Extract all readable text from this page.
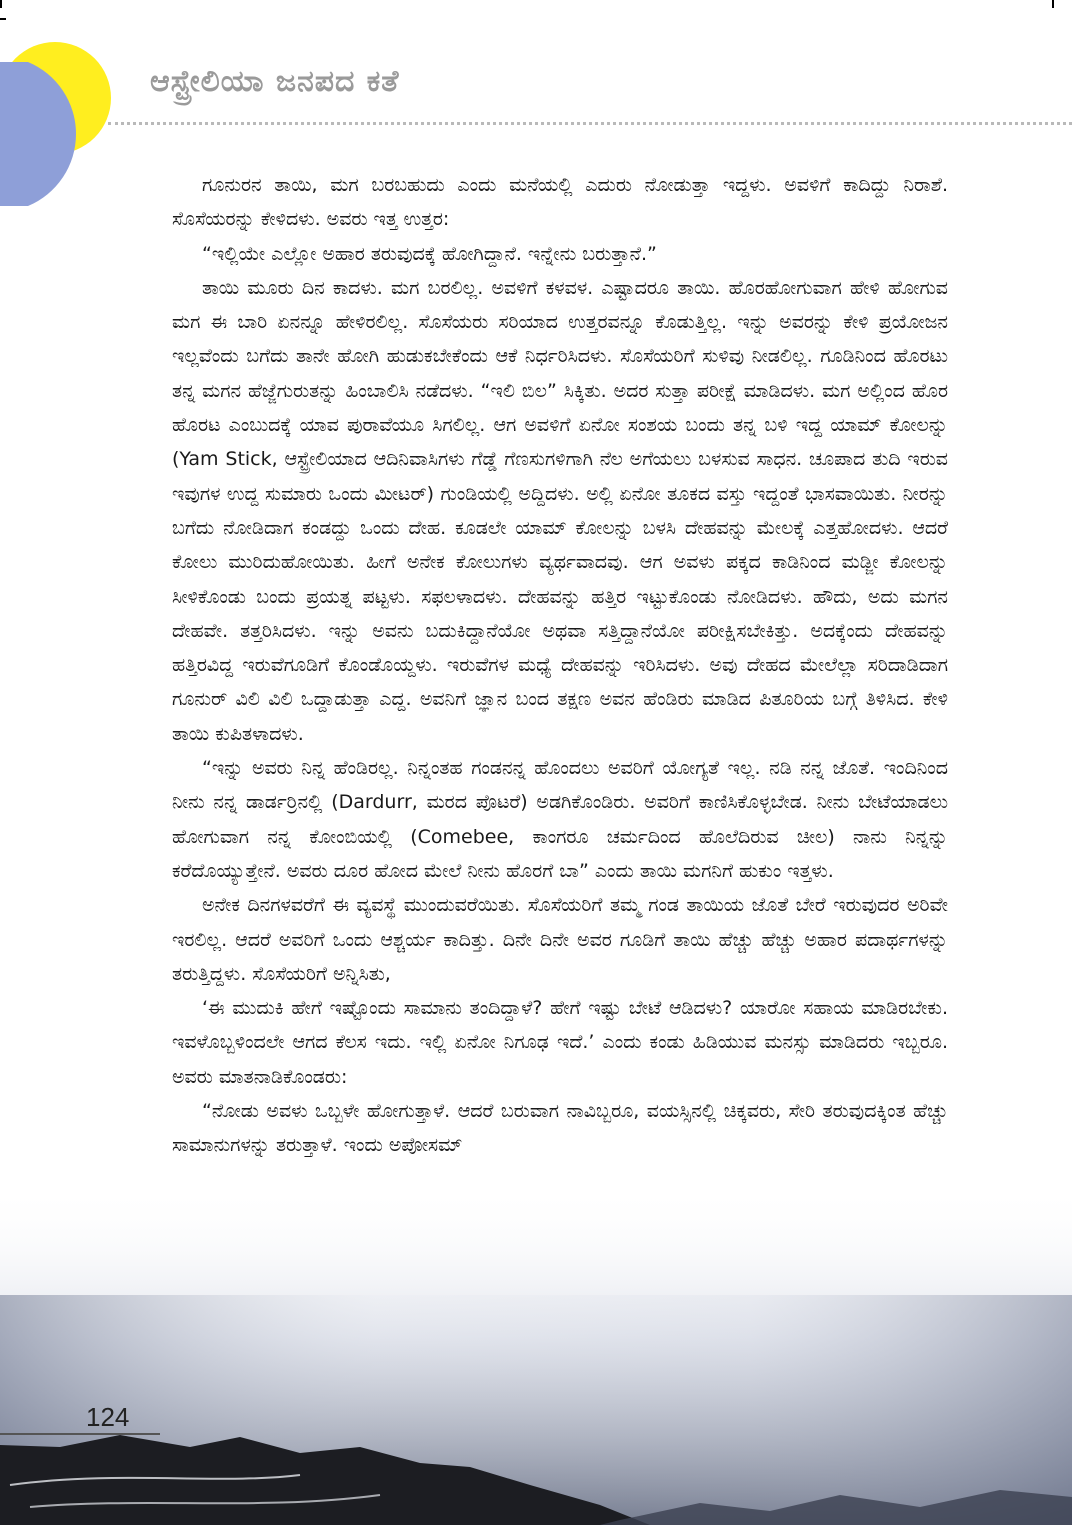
ಆಸ್ಟ್ರೇಲಿಯಾ ಜನಪದ ಕತೆ

ಗೂನುರನ ತಾಯಿ, ಮಗ ಬರಬಹುದು ಎಂದು ಮನೆಯಲ್ಲಿ ಎದುರು ನೋಡುತ್ತಾ ಇದ್ದಳು. ಅವಳಿಗೆ ಕಾದಿದ್ದು ನಿರಾಶೆ. ಸೊಸೆಯರನ್ನು ಕೇಳಿದಳು. ಅವರು ಇತ್ತ ಉತ್ತರ:

“ಇಲ್ಲಿಯೇ ಎಲ್ಲೋ ಅಹಾರ ತರುವುದಕ್ಕೆ ಹೋಗಿದ್ದಾನೆ. ಇನ್ನೇನು ಬರುತ್ತಾನೆ.”

ತಾಯಿ ಮೂರು ದಿನ ಕಾದಳು. ಮಗ ಬರಲಿಲ್ಲ. ಅವಳಿಗೆ ಕಳವಳ. ಎಷ್ಟಾದರೂ ತಾಯಿ. ಹೊರಹೋಗುವಾಗ ಹೇಳಿ ಹೋಗುವ ಮಗ ಈ ಬಾರಿ ಏನನ್ನೂ ಹೇಳಿರಲಿಲ್ಲ. ಸೊಸೆಯರು ಸರಿಯಾದ ಉತ್ತರವನ್ನೂ ಕೊಡುತ್ತಿಲ್ಲ. ಇನ್ನು ಅವರನ್ನು ಕೇಳಿ ಪ್ರಯೋಜನ ಇಲ್ಲವೆಂದು ಬಗೆದು ತಾನೇ ಹೋಗಿ ಹುಡುಕಬೇಕೆಂದು ಆಕೆ ನಿರ್ಧರಿಸಿದಳು. ಸೊಸೆಯರಿಗೆ ಸುಳಿವು ನೀಡಲಿಲ್ಲ. ಗೂಡಿನಿಂದ ಹೊರಟು ತನ್ನ ಮಗನ ಹೆಜ್ಜೆಗುರುತನ್ನು ಹಿಂಬಾಲಿಸಿ ನಡೆದಳು. “ಇಲಿ ಬಿಲ” ಸಿಕ್ಕಿತು. ಅದರ ಸುತ್ತಾ ಪರೀಕ್ಷೆ ಮಾಡಿದಳು. ಮಗ ಅಲ್ಲಿಂದ ಹೊರ ಹೊರಟ ಎಂಬುದಕ್ಕೆ ಯಾವ ಪುರಾವೆಯೂ ಸಿಗಲಿಲ್ಲ. ಆಗ ಅವಳಿಗೆ ಏನೋ ಸಂಶಯ ಬಂದು ತನ್ನ ಬಳಿ ಇದ್ದ ಯಾಮ್ ಕೋಲನ್ನು (Yam Stick, ಆಸ್ಟ್ರೇಲಿಯಾದ ಆದಿನಿವಾಸಿಗಳು ಗೆಡ್ಡೆ ಗೆಣಸುಗಳಿಗಾಗಿ ನೆಲ ಅಗೆಯಲು ಬಳಸುವ ಸಾಧನ. ಚೂಪಾದ ತುದಿ ಇರುವ ಇವುಗಳ ಉದ್ದ ಸುಮಾರು ಒಂದು ಮೀಟರ್) ಗುಂಡಿಯಲ್ಲಿ ಅದ್ದಿದಳು. ಅಲ್ಲಿ ಏನೋ ತೂಕದ ವಸ್ತು ಇದ್ದಂತೆ ಭಾಸವಾಯಿತು. ನೀರನ್ನು ಬಗೆದು ನೋಡಿದಾಗ ಕಂಡದ್ದು ಒಂದು ದೇಹ. ಕೂಡಲೇ ಯಾಮ್ ಕೋಲನ್ನು ಬಳಸಿ ದೇಹವನ್ನು ಮೇಲಕ್ಕೆ ಎತ್ತಹೋದಳು. ಆದರೆ ಕೋಲು ಮುರಿದುಹೋಯಿತು. ಹೀಗೆ ಅನೇಕ ಕೋಲುಗಳು ವ್ಯರ್ಥವಾದವು. ಆಗ ಅವಳು ಪಕ್ಕದ ಕಾಡಿನಿಂದ ಮಡ್ಜೀ ಕೋಲನ್ನು ಸೀಳಿಕೊಂಡು ಬಂದು ಪ್ರಯತ್ನ ಪಟ್ಟಳು. ಸಫಲಳಾದಳು. ದೇಹವನ್ನು ಹತ್ತಿರ ಇಟ್ಟುಕೊಂಡು ನೋಡಿದಳು. ಹೌದು, ಅದು ಮಗನ ದೇಹವೇ. ತತ್ತರಿಸಿದಳು. ಇನ್ನು ಅವನು ಬದುಕಿದ್ದಾನೆಯೋ ಅಥವಾ ಸತ್ತಿದ್ದಾನೆಯೋ ಪರೀಕ್ಷಿಸಬೇಕಿತ್ತು. ಅದಕ್ಕೆಂದು ದೇಹವನ್ನು ಹತ್ತಿರವಿದ್ದ ಇರುವೆಗೂಡಿಗೆ ಕೊಂಡೊಯ್ದಳು. ಇರುವೆಗಳ ಮಧ್ಯೆ ದೇಹವನ್ನು ಇರಿಸಿದಳು. ಅವು ದೇಹದ ಮೇಲೆಲ್ಲಾ ಸರಿದಾಡಿದಾಗ ಗೂನುರ್ ವಿಲಿ ವಿಲಿ ಒದ್ದಾಡುತ್ತಾ ಎದ್ದ. ಅವನಿಗೆ ಜ್ಞಾನ ಬಂದ ತಕ್ಷಣ ಅವನ ಹೆಂಡಿರು ಮಾಡಿದ ಪಿತೂರಿಯ ಬಗ್ಗೆ ತಿಳಿಸಿದ. ಕೇಳಿ ತಾಯಿ ಕುಪಿತಳಾದಳು.

“ಇನ್ನು ಅವರು ನಿನ್ನ ಹೆಂಡಿರಲ್ಲ. ನಿನ್ನಂತಹ ಗಂಡನನ್ನ ಹೊಂದಲು ಅವರಿಗೆ ಯೋಗ್ಯತೆ ಇಲ್ಲ. ನಡಿ ನನ್ನ ಜೊತೆ. ಇಂದಿನಿಂದ ನೀನು ನನ್ನ ಡಾರ್ಡರ್ರಿನಲ್ಲಿ (Dardurr, ಮರದ ಪೊಟರೆ) ಅಡಗಿಕೊಂಡಿರು. ಅವರಿಗೆ ಕಾಣಿಸಿಕೊಳ್ಳಬೇಡ. ನೀನು ಬೇಟೆಯಾಡಲು ಹೋಗುವಾಗ ನನ್ನ ಕೋಂಬಿಯಲ್ಲಿ (Comebee, ಕಾಂಗರೂ ಚರ್ಮದಿಂದ ಹೊಲೆದಿರುವ ಚೀಲ) ನಾನು ನಿನ್ನನ್ನು ಕರೆದೊಯ್ಯುತ್ತೇನೆ. ಅವರು ದೂರ ಹೋದ ಮೇಲೆ ನೀನು ಹೊರಗೆ ಬಾ” ಎಂದು ತಾಯಿ ಮಗನಿಗೆ ಹುಕುಂ ಇತ್ತಳು.

ಅನೇಕ ದಿನಗಳವರೆಗೆ ಈ ವ್ಯವಸ್ಥೆ ಮುಂದುವರೆಯಿತು. ಸೊಸೆಯರಿಗೆ ತಮ್ಮ ಗಂಡ ತಾಯಿಯ ಜೊತೆ ಬೇರೆ ಇರುವುದರ ಅರಿವೇ ಇರಲಿಲ್ಲ. ಆದರೆ ಅವರಿಗೆ ಒಂದು ಆಶ್ಚರ್ಯ ಕಾದಿತ್ತು. ದಿನೇ ದಿನೇ ಅವರ ಗೂಡಿಗೆ ತಾಯಿ ಹೆಚ್ಚು ಹೆಚ್ಚು ಅಹಾರ ಪದಾರ್ಥಗಳನ್ನು ತರುತ್ತಿದ್ದಳು. ಸೊಸೆಯರಿಗೆ ಅನ್ನಿಸಿತು,

‘ಈ ಮುದುಕಿ ಹೇಗೆ ಇಷ್ಟೊಂದು ಸಾಮಾನು ತಂದಿದ್ದಾಳೆ? ಹೇಗೆ ಇಷ್ಟು ಬೇಟೆ ಆಡಿದಳು? ಯಾರೋ ಸಹಾಯ ಮಾಡಿರಬೇಕು. ಇವಳೊಬ್ಬಳಿಂದಲೇ ಆಗದ ಕೆಲಸ ಇದು. ಇಲ್ಲಿ ಏನೋ ನಿಗೂಢ ಇದೆ.’ ಎಂದು ಕಂಡು ಹಿಡಿಯುವ ಮನಸ್ಸು ಮಾಡಿದರು ಇಬ್ಬರೂ. ಅವರು ಮಾತನಾಡಿಕೊಂಡರು:

“ನೋಡು ಅವಳು ಒಬ್ಬಳೇ ಹೋಗುತ್ತಾಳೆ. ಆದರೆ ಬರುವಾಗ ನಾವಿಬ್ಬರೂ, ವಯಸ್ಸಿನಲ್ಲಿ ಚಿಕ್ಕವರು, ಸೇರಿ ತರುವುದಕ್ಕಿಂತ ಹೆಚ್ಚು ಸಾಮಾನುಗಳನ್ನು ತರುತ್ತಾಳೆ. ಇಂದು ಅಪೋಸಮ್

124
